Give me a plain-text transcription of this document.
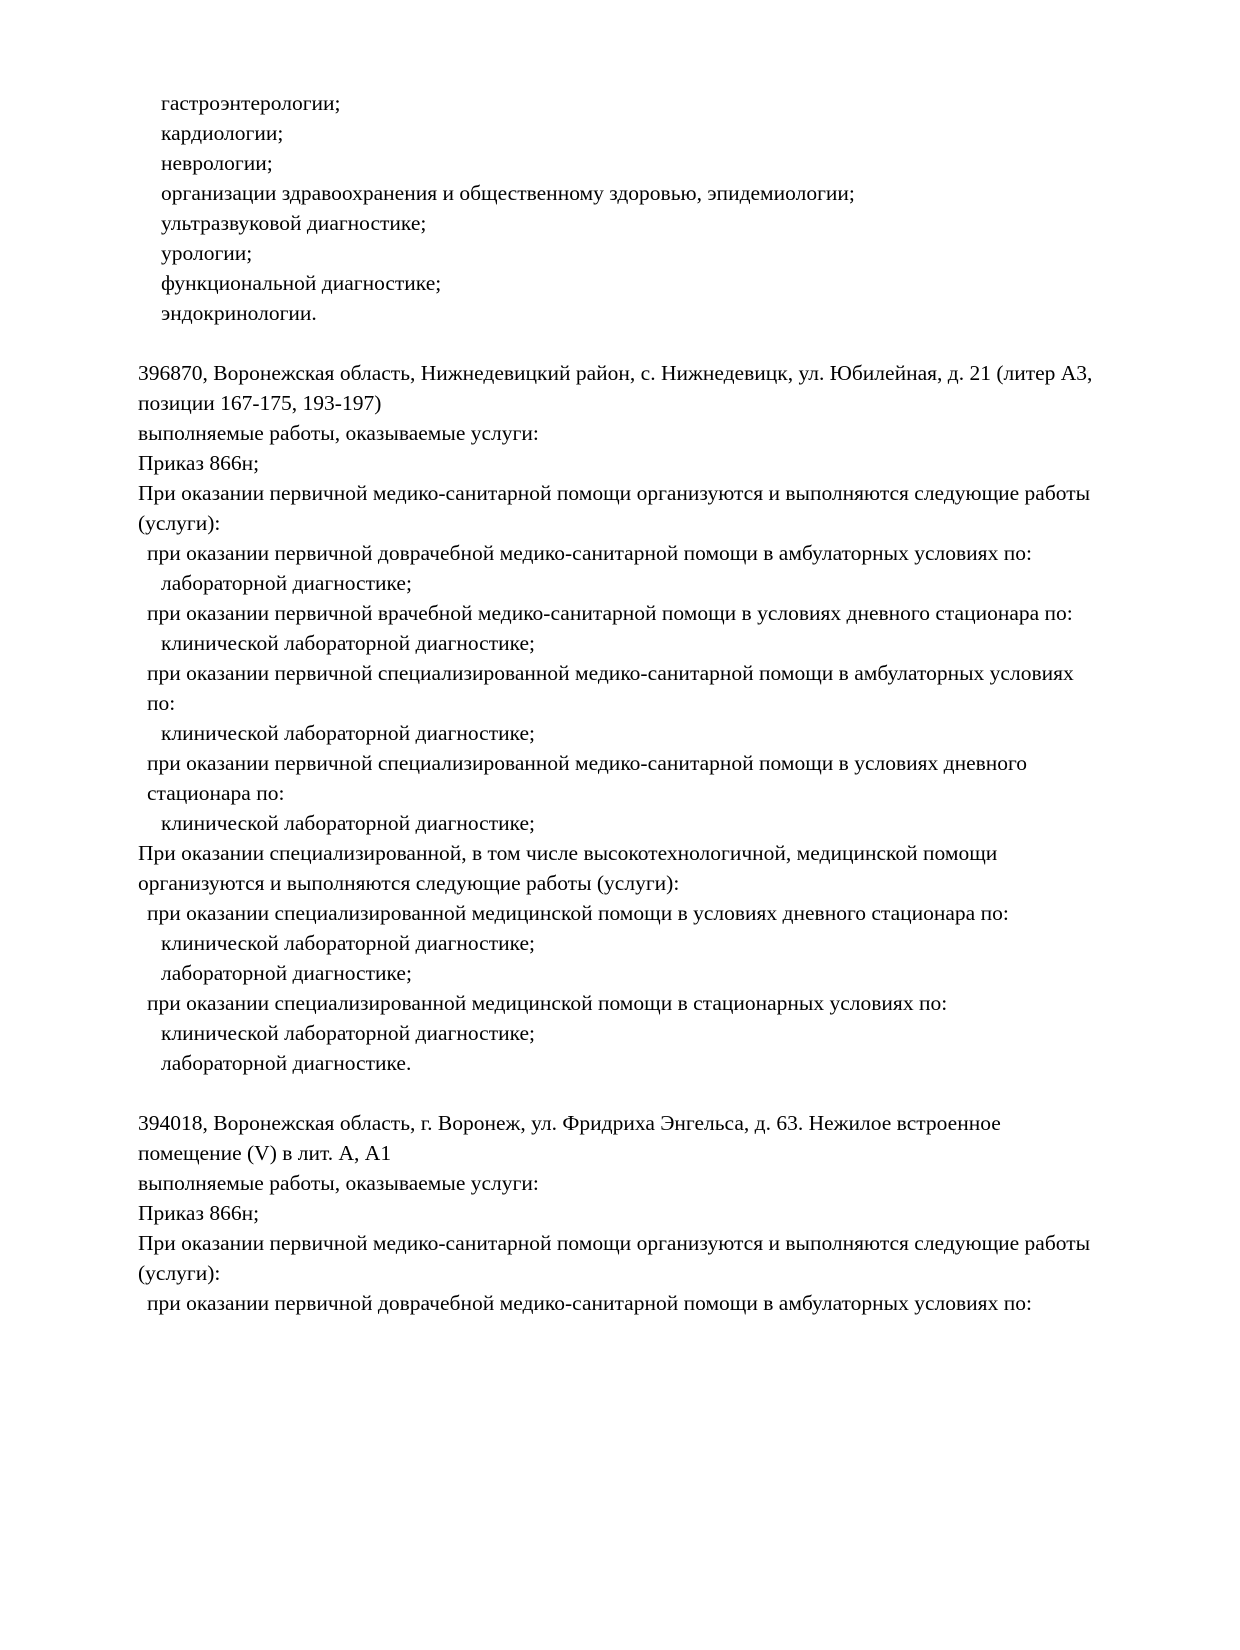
гастроэнтерологии;
кардиологии;
неврологии;
организации здравоохранения и общественному здоровью, эпидемиологии;
ультразвуковой диагностике;
урологии;
функциональной диагностике;
эндокринологии.
396870, Воронежская область, Нижнедевицкий район, с. Нижнедевицк, ул. Юбилейная, д. 21 (литер А3, позиции 167-175, 193-197)
выполняемые работы, оказываемые услуги:
Приказ 866н;
При оказании первичной медико-санитарной помощи организуются и выполняются следующие работы (услуги):
при оказании первичной доврачебной медико-санитарной помощи в амбулаторных условиях по:
лабораторной диагностике;
при оказании первичной врачебной медико-санитарной помощи в условиях дневного стационара по:
клинической лабораторной диагностике;
при оказании первичной специализированной медико-санитарной помощи в амбулаторных условиях по:
клинической лабораторной диагностике;
при оказании первичной специализированной медико-санитарной помощи в условиях дневного стационара по:
клинической лабораторной диагностике;
При оказании специализированной, в том числе высокотехнологичной, медицинской помощи организуются и выполняются следующие работы (услуги):
при оказании специализированной медицинской помощи в условиях дневного стационара по:
клинической лабораторной диагностике;
лабораторной диагностике;
при оказании специализированной медицинской помощи в стационарных условиях по:
клинической лабораторной диагностике;
лабораторной диагностике.
394018, Воронежская область, г. Воронеж, ул. Фридриха Энгельса, д. 63. Нежилое встроенное помещение (V) в лит. А, А1
выполняемые работы, оказываемые услуги:
Приказ 866н;
При оказании первичной медико-санитарной помощи организуются и выполняются следующие работы (услуги):
при оказании первичной доврачебной медико-санитарной помощи в амбулаторных условиях по:
